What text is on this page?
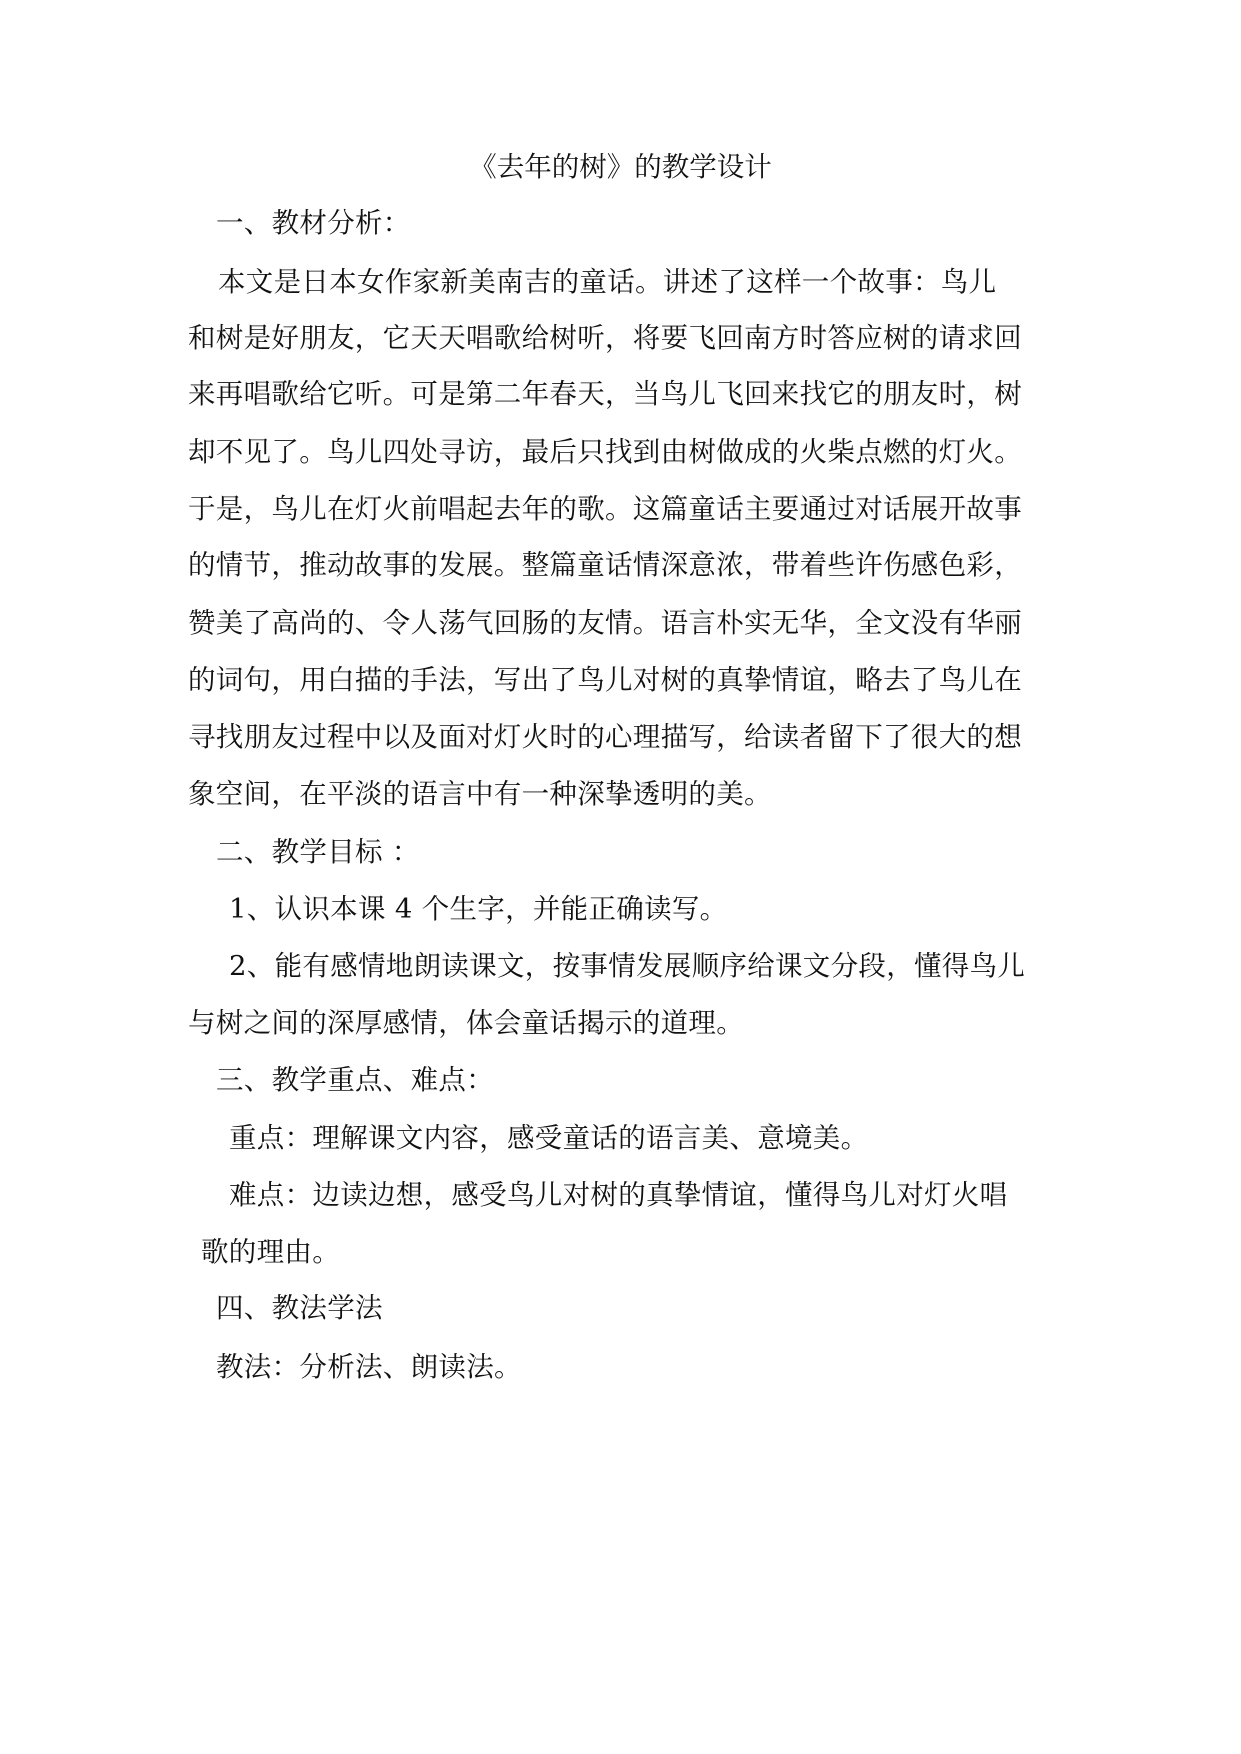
《去年的树》的教学设计
一、教材分析：
本文是日本女作家新美南吉的童话。讲述了这样一个故事：鸟儿
和树是好朋友，它天天唱歌给树听，将要飞回南方时答应树的请求回
来再唱歌给它听。可是第二年春天，当鸟儿飞回来找它的朋友时，树
却不见了。鸟儿四处寻访，最后只找到由树做成的火柴点燃的灯火。
于是，鸟儿在灯火前唱起去年的歌。这篇童话主要通过对话展开故事
的情节，推动故事的发展。整篇童话情深意浓，带着些许伤感色彩，
赞美了高尚的、令人荡气回肠的友情。语言朴实无华，全文没有华丽
的词句，用白描的手法，写出了鸟儿对树的真挚情谊，略去了鸟儿在
寻找朋友过程中以及面对灯火时的心理描写，给读者留下了很大的想
象空间，在平淡的语言中有一种深挚透明的美。
二、教学目标 ：
1、认识本课 4 个生字，并能正确读写。
2、能有感情地朗读课文，按事情发展顺序给课文分段，懂得鸟儿
与树之间的深厚感情，体会童话揭示的道理。
三、教学重点、难点：
重点：理解课文内容，感受童话的语言美、意境美。
难点：边读边想，感受鸟儿对树的真挚情谊，懂得鸟儿对灯火唱
歌的理由。
四、教法学法
教法：分析法、朗读法。
